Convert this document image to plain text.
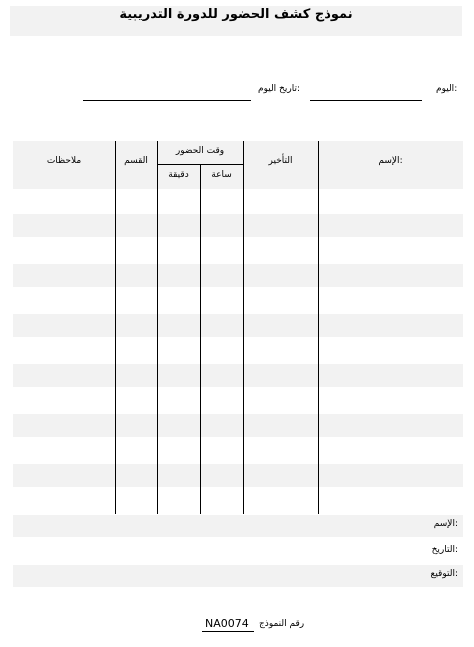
نموذج كشف الحضور للدورة التدريبية
اليوم:
تاريخ اليوم:
الإسم:
التأخير
وقت الحضور
ساعة
دقيقة
القسم
ملاحظات
الإسم:
التاريخ:
التوقيع:
رقم النموذج
NA0074
